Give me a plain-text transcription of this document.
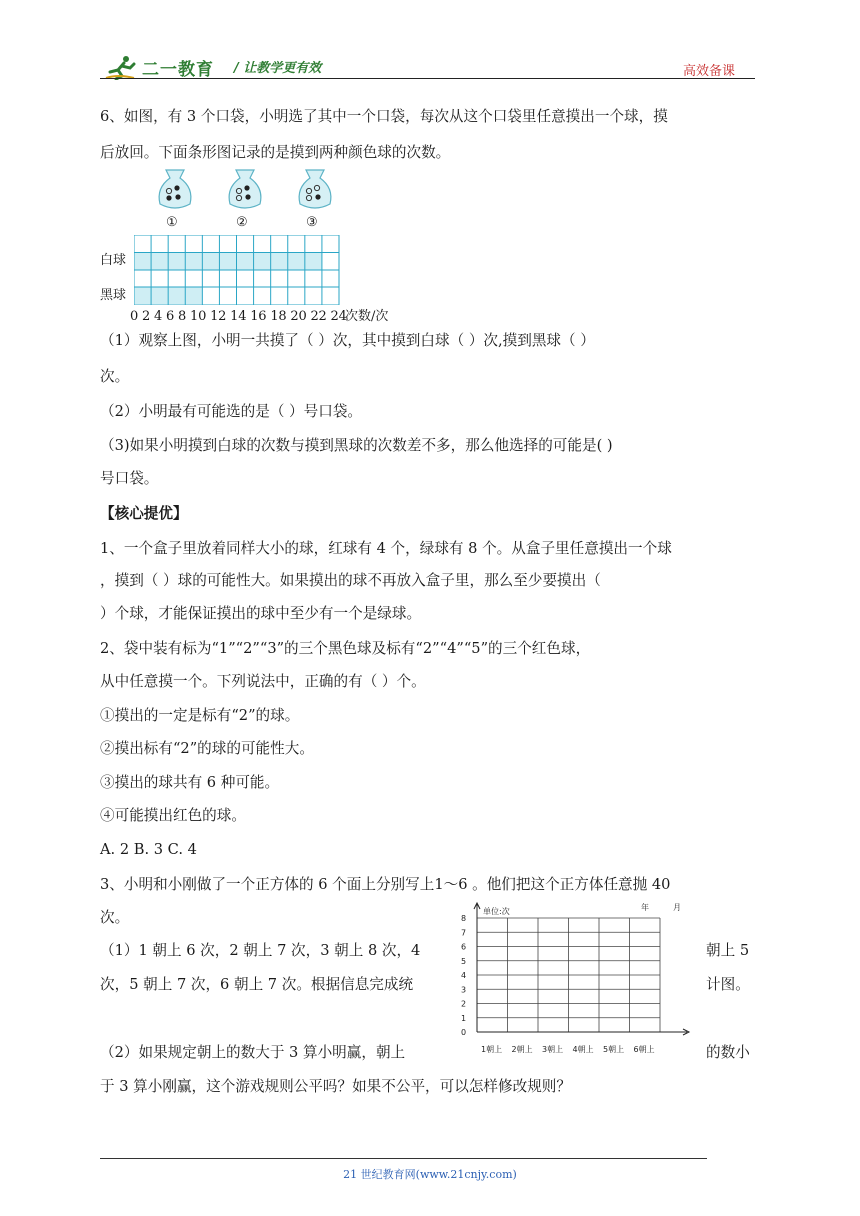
二一教育 / 让教学更有效	高效备课
6、如图，有 3 个口袋，小明选了其中一个口袋，每次从这个口袋里任意摸出一个球，摸
后放回。下面条形图记录的是摸到两种颜色球的次数。
①	②	③
白球
黑球
0 2 4 6 8 10 12 14 16 18 20 22 24
次数/次
（1）观察上图，小明一共摸了（ ）次，其中摸到白球（ ）次,摸到黑球（ ）
次。
（2）小明最有可能选的是（ ）号口袋。
（3)如果小明摸到白球的次数与摸到黑球的次数差不多，那么他选择的可能是( )
号口袋。
【核心提优】
1、一个盒子里放着同样大小的球，红球有 4 个，绿球有 8 个。从盒子里任意摸出一个球
，摸到（ ）球的可能性大。如果摸出的球不再放入盒子里，那么至少要摸出（
）个球，才能保证摸出的球中至少有一个是绿球。
2、袋中装有标为“1”“2”“3”的三个黑色球及标有“2”“4”“5”的三个红色球，
从中任意摸一个。下列说法中，正确的有（ ）个。
①摸出的一定是标有“2”的球。
②摸出标有“2”的球的可能性大。
③摸出的球共有 6 种可能。
④可能摸出红色的球。
A. 2 B. 3 C. 4
3、小明和小刚做了一个正方体的 6 个面上分别写上1～6 。他们把这个正方体任意抛 40
次。
（1）1 朝上 6 次，2 朝上 7 次，3 朝上 8 次，4	朝上 5
次，5 朝上 7 次，6 朝上 7 次。根据信息完成统	计图。
（2）如果规定朝上的数大于 3 算小明赢，朝上	的数小
于 3 算小刚赢，这个游戏规则公平吗？如果不公平，可以怎样修改规则？
单位:次	年	月
8
7
6
5
4
3
2
1
0
1朝上 2朝上 3朝上 4朝上 5朝上 6朝上
21 世纪教育网(www.21cnjy.com)
